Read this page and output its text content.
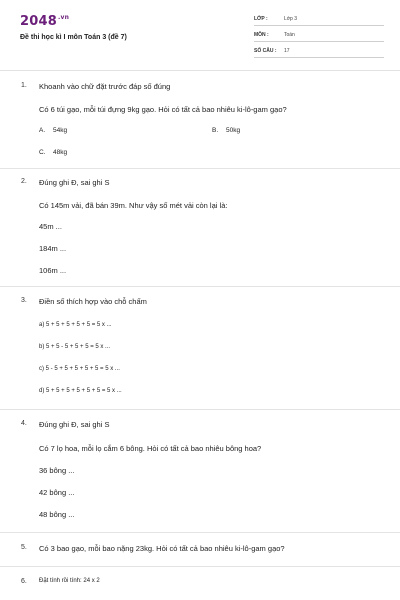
$2048^{.vn}$
Đề thi học kì I môn Toán 3 (đề 7)
LỚP :	Lớp 3
MÔN :	Toán
SỐ CÂU : 17
1. Khoanh vào chữ đặt trước đáp số đúng
Có 6 túi gạo, mỗi túi đựng 9kg gạo. Hỏi có tất cả bao nhiêu ki-lô-gam gạo?
A. 54kg	B. 50kg
C. 48kg
2. Đúng ghi Đ, sai ghi S
Có 145m vải, đã bán 39m. Như vậy số mét vải còn lại là:
45m ...
184m ...
106m ...
3. Điền số thích hợp vào chỗ chấm
a) 5 + 5 + 5 + 5 + 5 = 5 x ...
b) 5 + 5 - 5 + 5 + 5 = 5 x ...
c) 5 - 5 + 5 + 5 + 5 + 5 = 5 x ...
d) 5 + 5 + 5 + 5 + 5 + 5 = 5 x ...
4. Đúng ghi Đ, sai ghi S
Có 7 lọ hoa, mỗi lọ cắm 6 bông. Hỏi có tất cả bao nhiêu bông hoa?
36 bông ...
42 bông ...
48 bông ...
5. Có 3 bao gạo, mỗi bao nặng 23kg. Hỏi có tất cả bao nhiêu ki-lô-gam gạo?
6. Đặt tính rồi tính: 24 x 2
